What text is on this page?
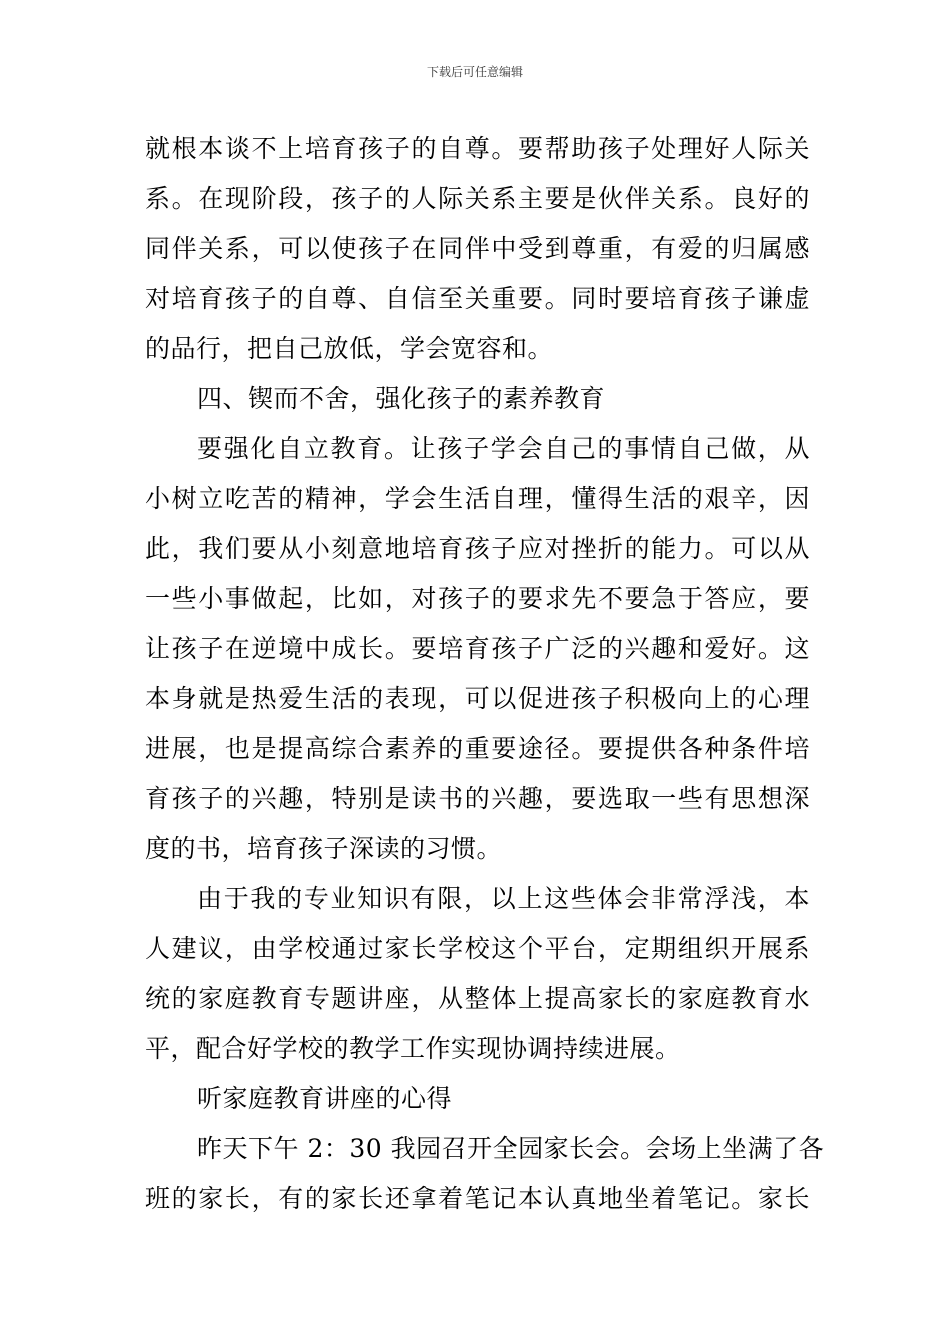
下载后可任意编辑
就根本谈不上培育孩子的自尊。要帮助孩子处理好人际关
系。在现阶段，孩子的人际关系主要是伙伴关系。良好的
同伴关系，可以使孩子在同伴中受到尊重，有爱的归属感
对培育孩子的自尊、自信至关重要。同时要培育孩子谦虚
的品行，把自己放低，学会宽容和。
四、锲而不舍，强化孩子的素养教育
要强化自立教育。让孩子学会自己的事情自己做，从
小树立吃苦的精神，学会生活自理，懂得生活的艰辛，因
此，我们要从小刻意地培育孩子应对挫折的能力。可以从
一些小事做起，比如，对孩子的要求先不要急于答应，要
让孩子在逆境中成长。要培育孩子广泛的兴趣和爱好。这
本身就是热爱生活的表现，可以促进孩子积极向上的心理
进展，也是提高综合素养的重要途径。要提供各种条件培
育孩子的兴趣，特别是读书的兴趣，要选取一些有思想深
度的书，培育孩子深读的习惯。
由于我的专业知识有限，以上这些体会非常浮浅，本
人建议，由学校通过家长学校这个平台，定期组织开展系
统的家庭教育专题讲座，从整体上提高家长的家庭教育水
平，配合好学校的教学工作实现协调持续进展。
听家庭教育讲座的心得
昨天下午 2：30 我园召开全园家长会。会场上坐满了各
班的家长，有的家长还拿着笔记本认真地坐着笔记。家长
